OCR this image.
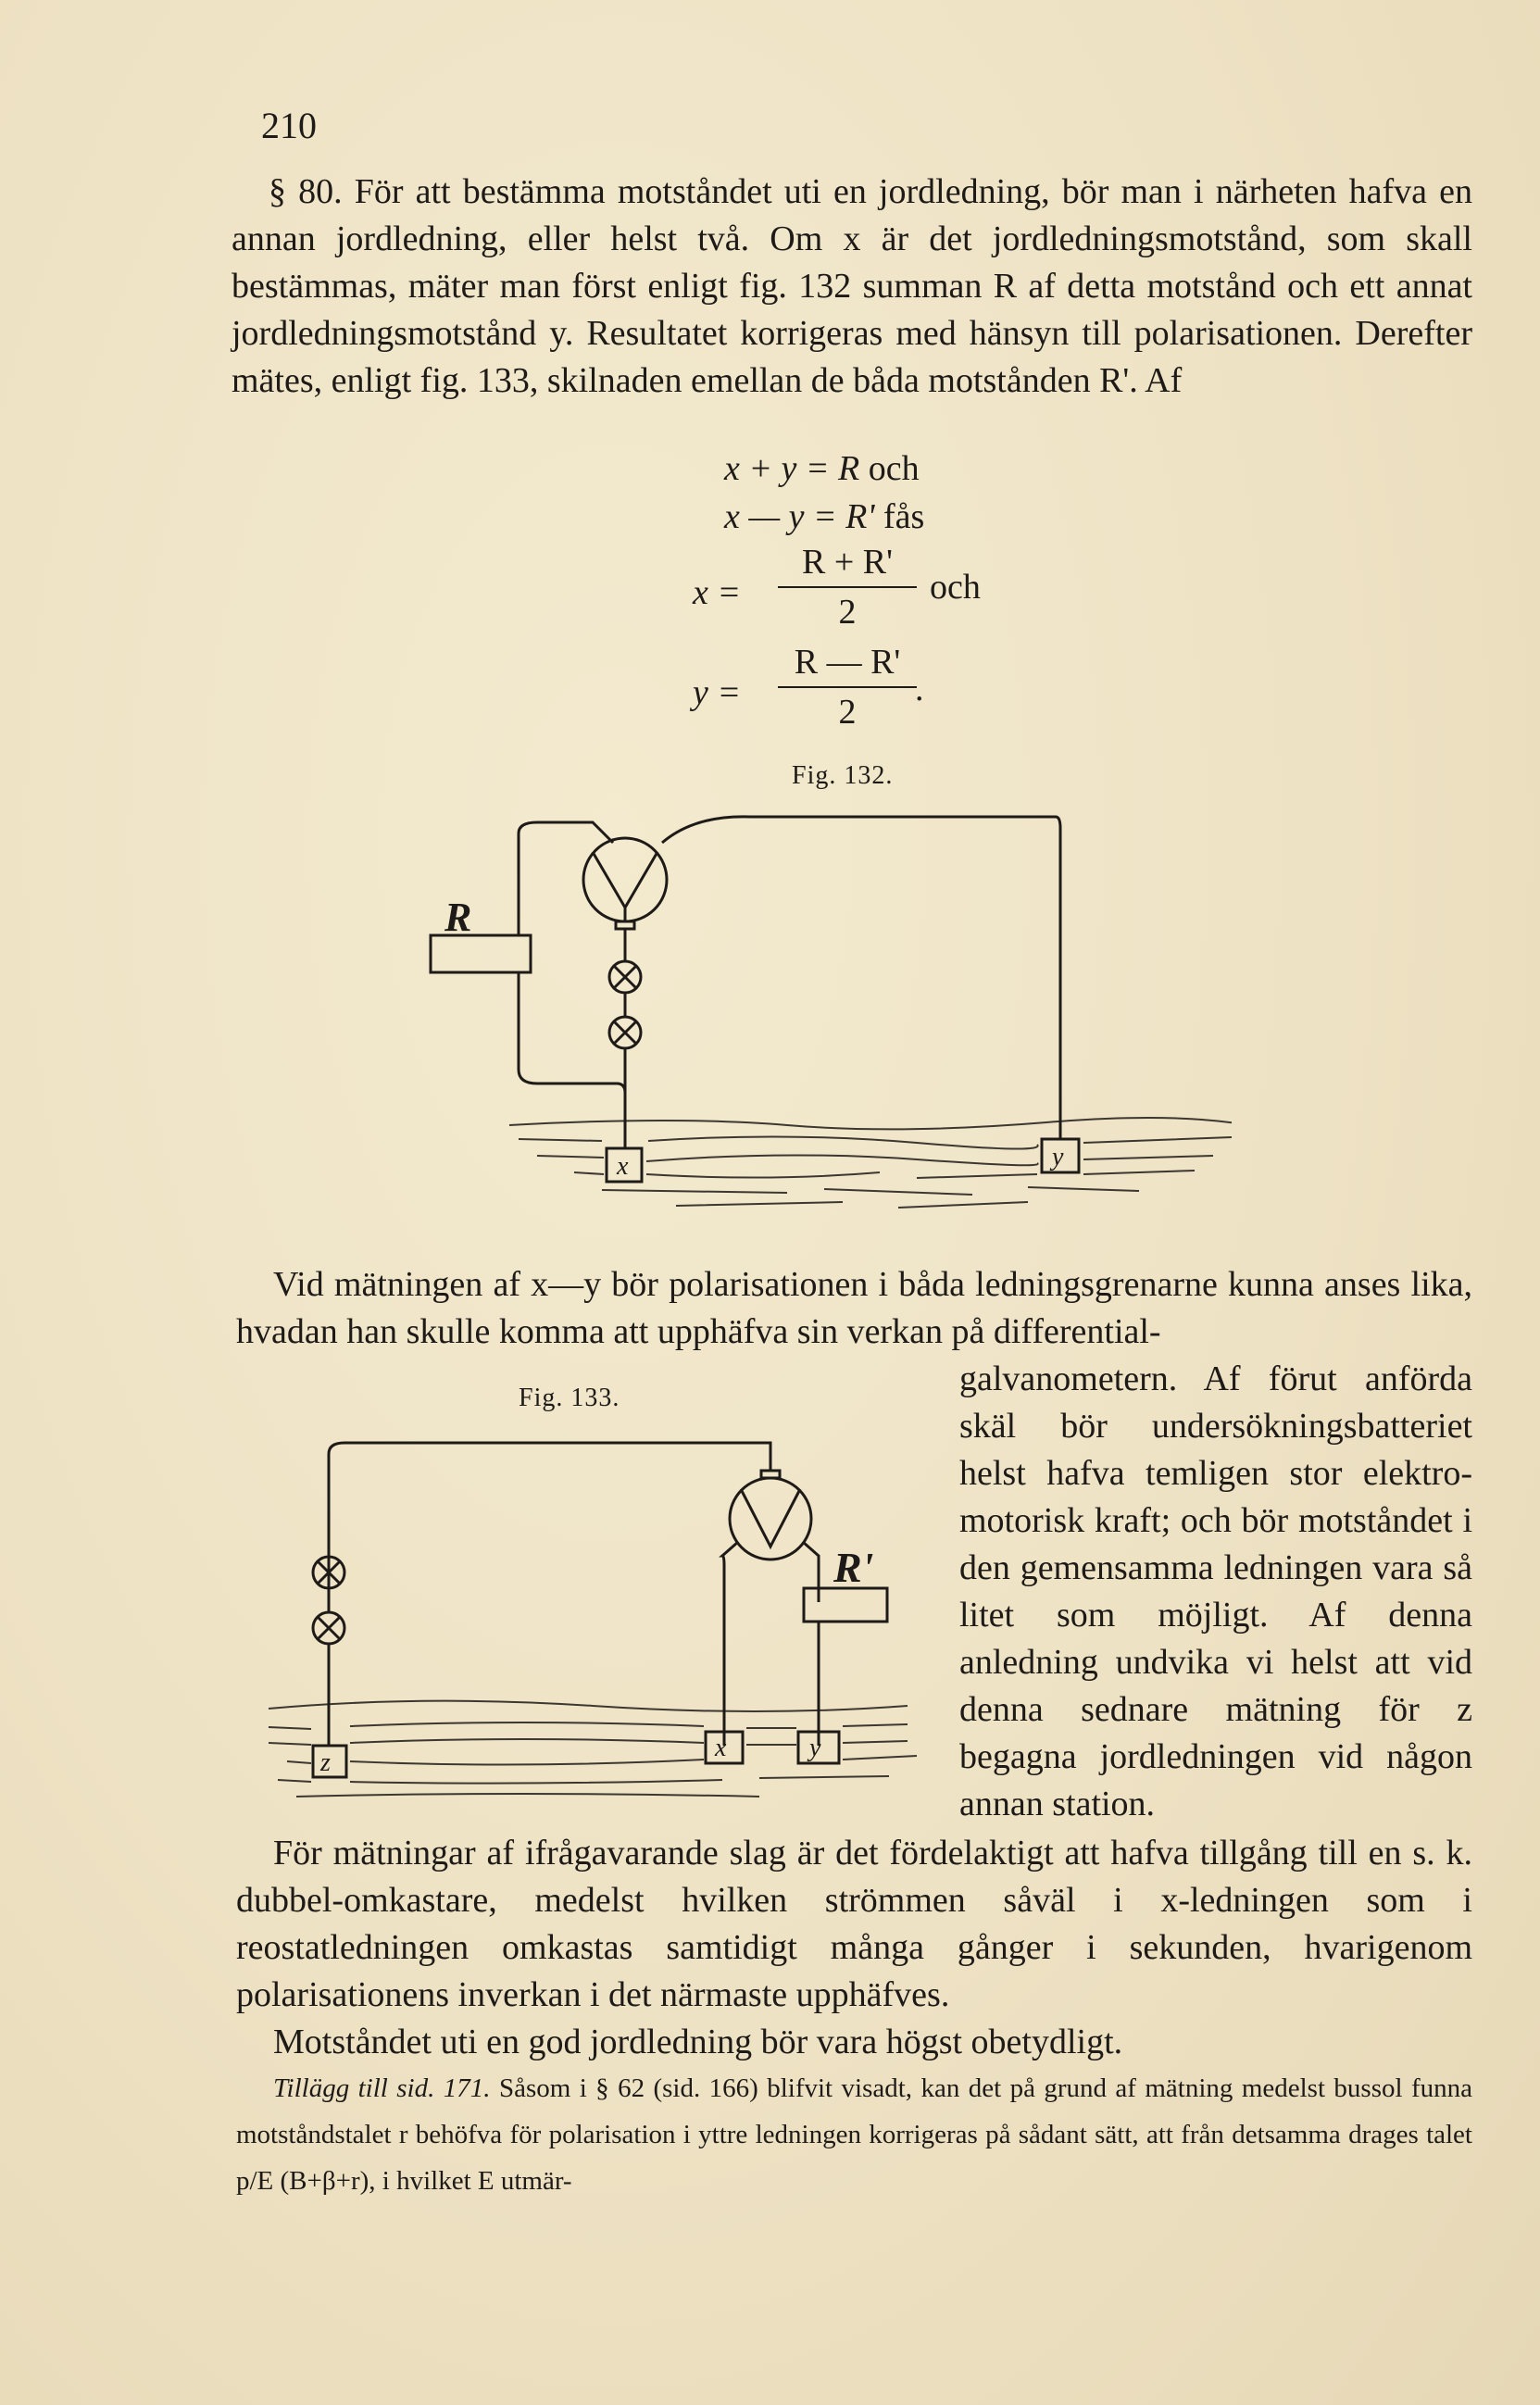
210

§ 80. För att bestämma motståndet uti en jordledning, bör man i närheten hafva en annan jordledning, eller helst två. Om x är det jordledningsmotstånd, som skall bestämmas, mäter man först enligt fig. 132 summan R af detta motstånd och ett annat jordledningsmotstånd y. Resultatet korrigeras med hänsyn till polarisationen. Derefter mätes, enligt fig. 133, skilnaden emellan de båda motstånden R'. Af

x + y = R och
x — y = R' fås
x =
R + R'
2
och
y =
R — R'
2
.
Fig. 132.
R
x	y

Vid mätningen af x—y bör polarisationen i båda ledningsgrenarne kunna anses lika, hvadan han skulle komma att upphäfva sin verkan på differential-

Fig. 133.
R'
z
x	y

galvanometern. Af förut anförda skäl bör undersökningsbatteriet helst hafva temligen stor elektromotorisk kraft; och bör motståndet i den gemensamma ledningen vara så litet som möjligt. Af denna anledning undvika vi helst att vid denna sednare mätning för z begagna jordledningen vid någon annan station.

För mätningar af ifrågavarande slag är det fördelaktigt att hafva tillgång till en s. k. dubbel-omkastare, medelst hvilken strömmen såväl i x-ledningen som i reostatledningen omkastas samtidigt många gånger i sekunden, hvarigenom polarisationens inverkan i det närmaste upphäfves.
Motståndet uti en god jordledning bör vara högst obetydligt.

Tillägg till sid. 171. Såsom i § 62 (sid. 166) blifvit visadt, kan det på grund af mätning medelst bussol funna motståndstalet r behöfva för polarisation i yttre ledningen korrigeras på sådant sätt, att från detsamma drages talet p/E (B+β+r), i hvilket E utmär-
